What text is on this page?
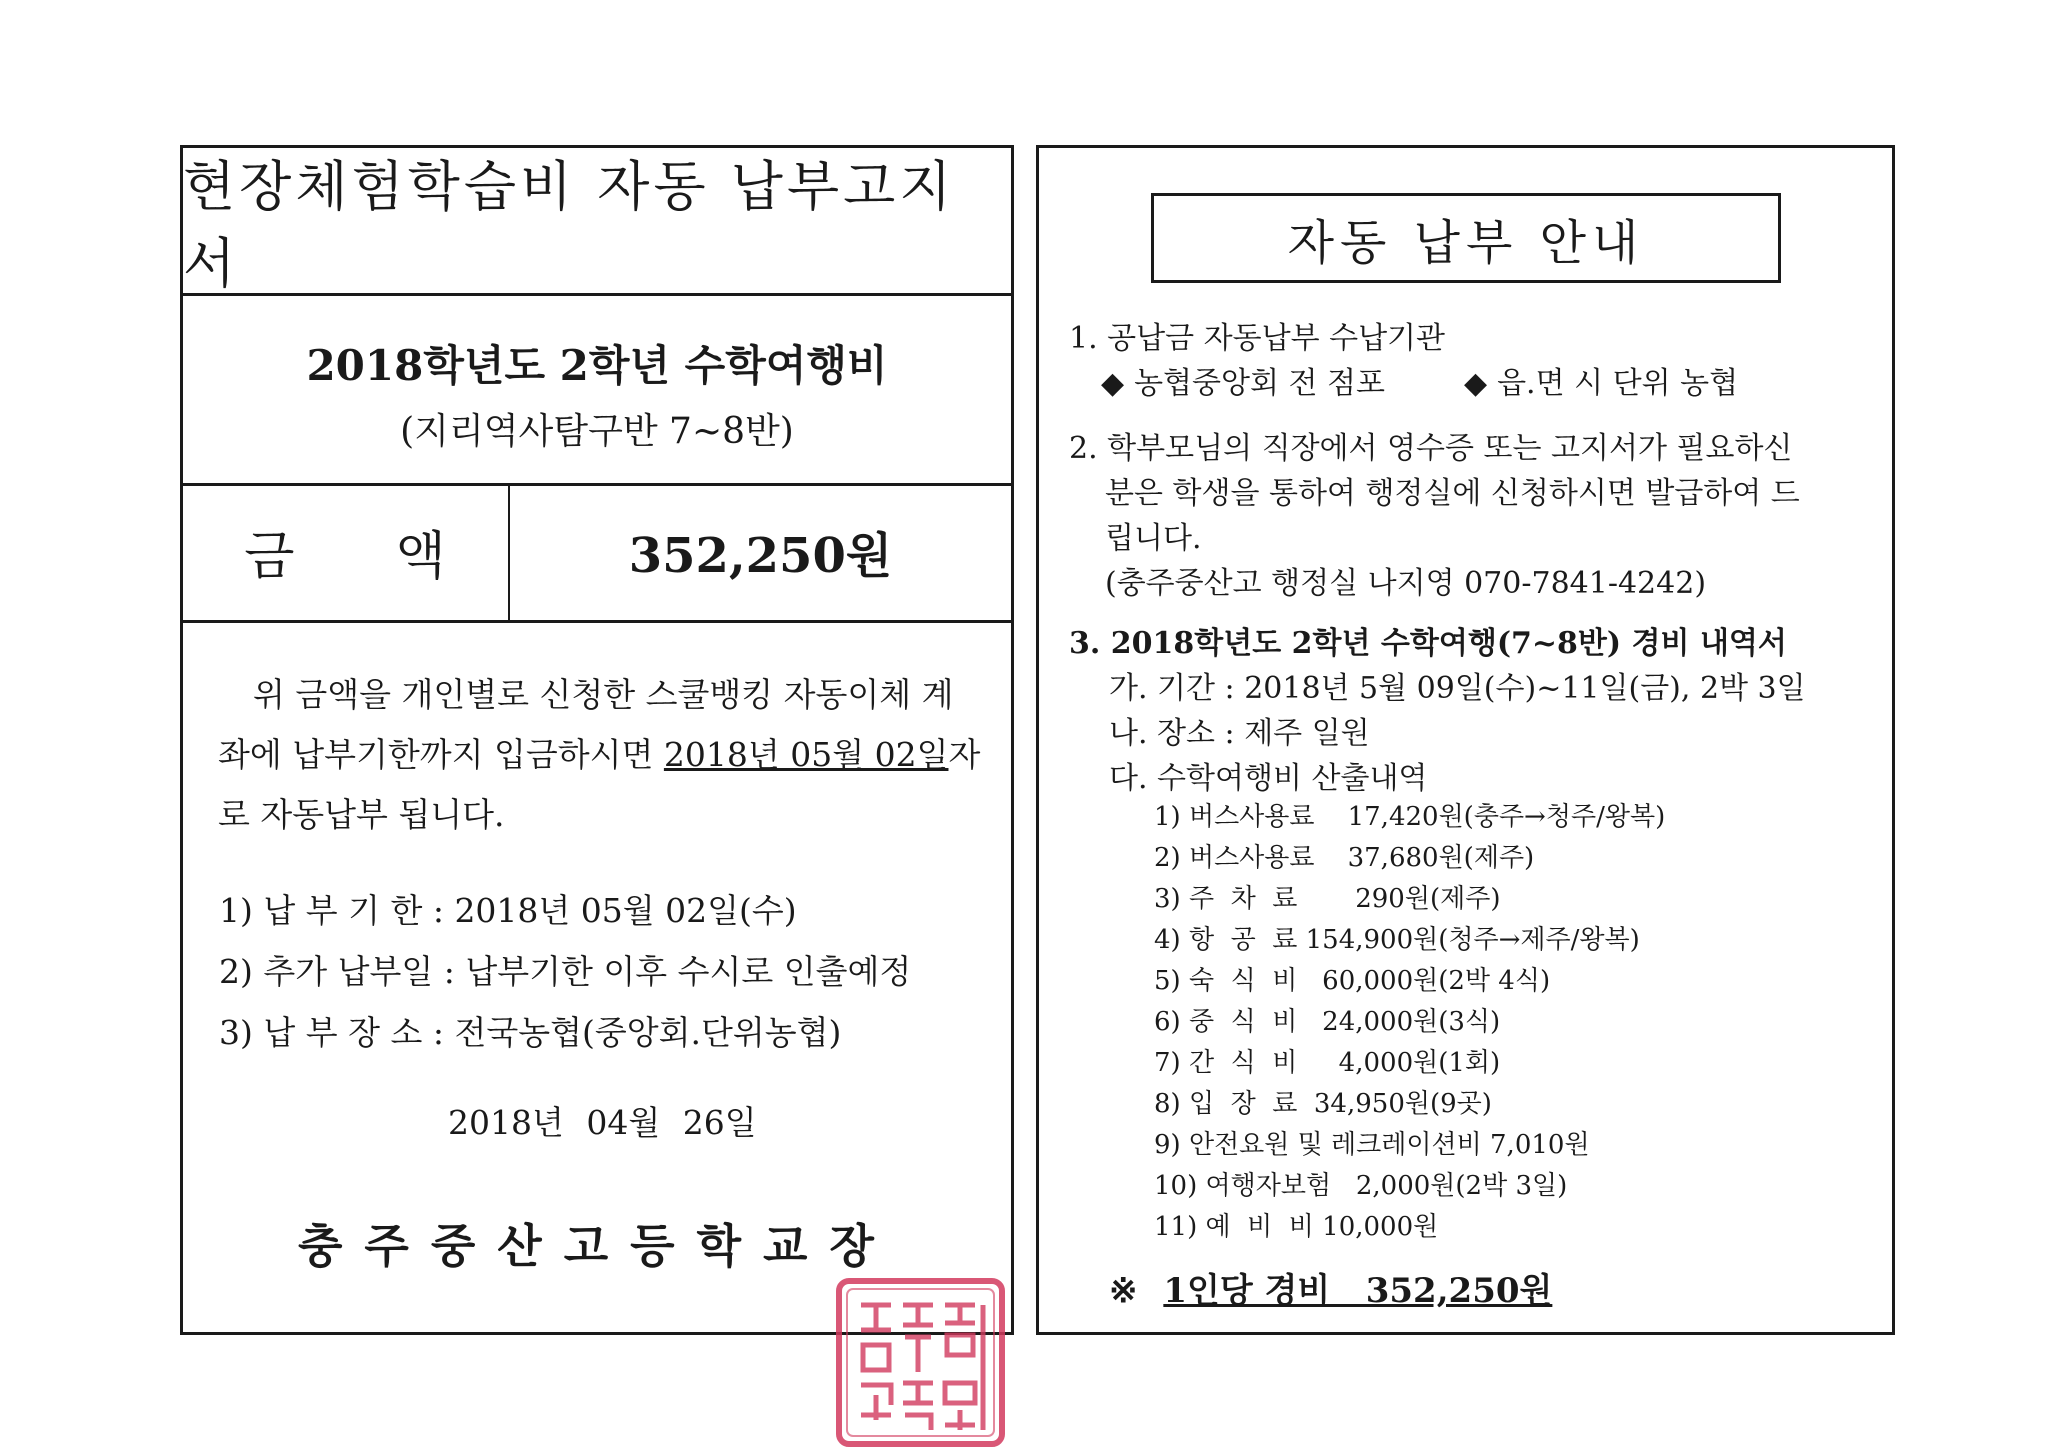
현장체험학습비 자동 납부고지서
2018학년도 2학년 수학여행비
(지리역사탐구반 7~8반)
금 액	352,250원

위 금액을 개인별로 신청한 스쿨뱅킹 자동이체 계

좌에 납부기한까지 입금하시면 2018년 05월 02일자

로 자동납부 됩니다.

1) 납 부 기 한 : 2018년 05월 02일(수)
2) 추가 납부일 : 납부기한 이후 수시로 인출예정
3) 납 부 장 소 : 전국농협(중앙회.단위농협)
2018년 04월 26일
충주중산고등학교장
충주중산고등학교장의인
자동 납부 안내
1. 공납금 자동납부 수납기관
◆ 농협중앙회 전 점포	◆ 읍.면 시 단위 농협
2. 학부모님의 직장에서 영수증 또는 고지서가 필요하신
분은 학생을 통하여 행정실에 신청하시면 발급하여 드
립니다.
(충주중산고 행정실 나지영 070-7841-4242)
3. 2018학년도 2학년 수학여행(7~8반) 경비 내역서
가. 기간 : 2018년 5월 09일(수)~11일(금), 2박 3일
나. 장소 : 제주 일원
다. 수학여행비 산출내역
1) 버스사용료    17,420원(충주→청주/왕복)
2) 버스사용료    37,680원(제주)
3) 주  차  료       290원(제주)
4) 항  공  료 154,900원(청주→제주/왕복)
5) 숙  식  비   60,000원(2박 4식)
6) 중  식  비   24,000원(3식)
7) 간  식  비     4,000원(1회)
8) 입  장  료  34,950원(9곳)
9) 안전요원 및 레크레이션비 7,010원
10) 여행자보험   2,000원(2박 3일)
11) 예  비  비 10,000원
※ 1인당 경비   352,250원
